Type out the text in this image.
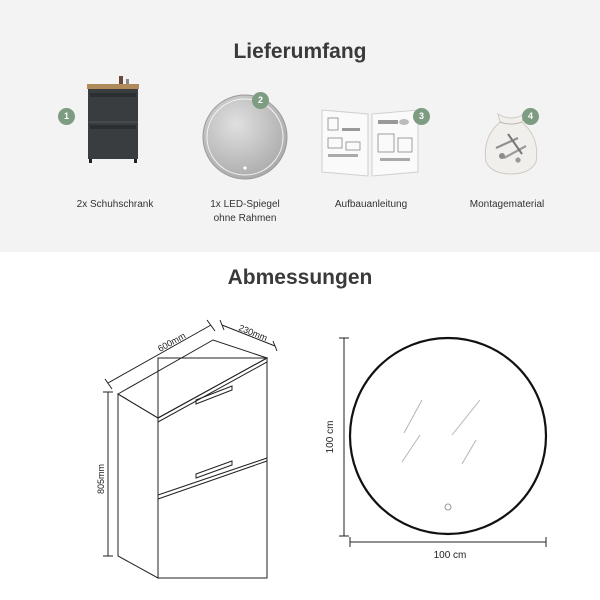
Lieferumfang
1
2x Schuhschrank
2
1x LED-Spiegel
ohne Rahmen
3
Aufbauanleitung
4
Montagematerial
Abmessungen
600mm	230mm
805mm
100 cm
100 cm
